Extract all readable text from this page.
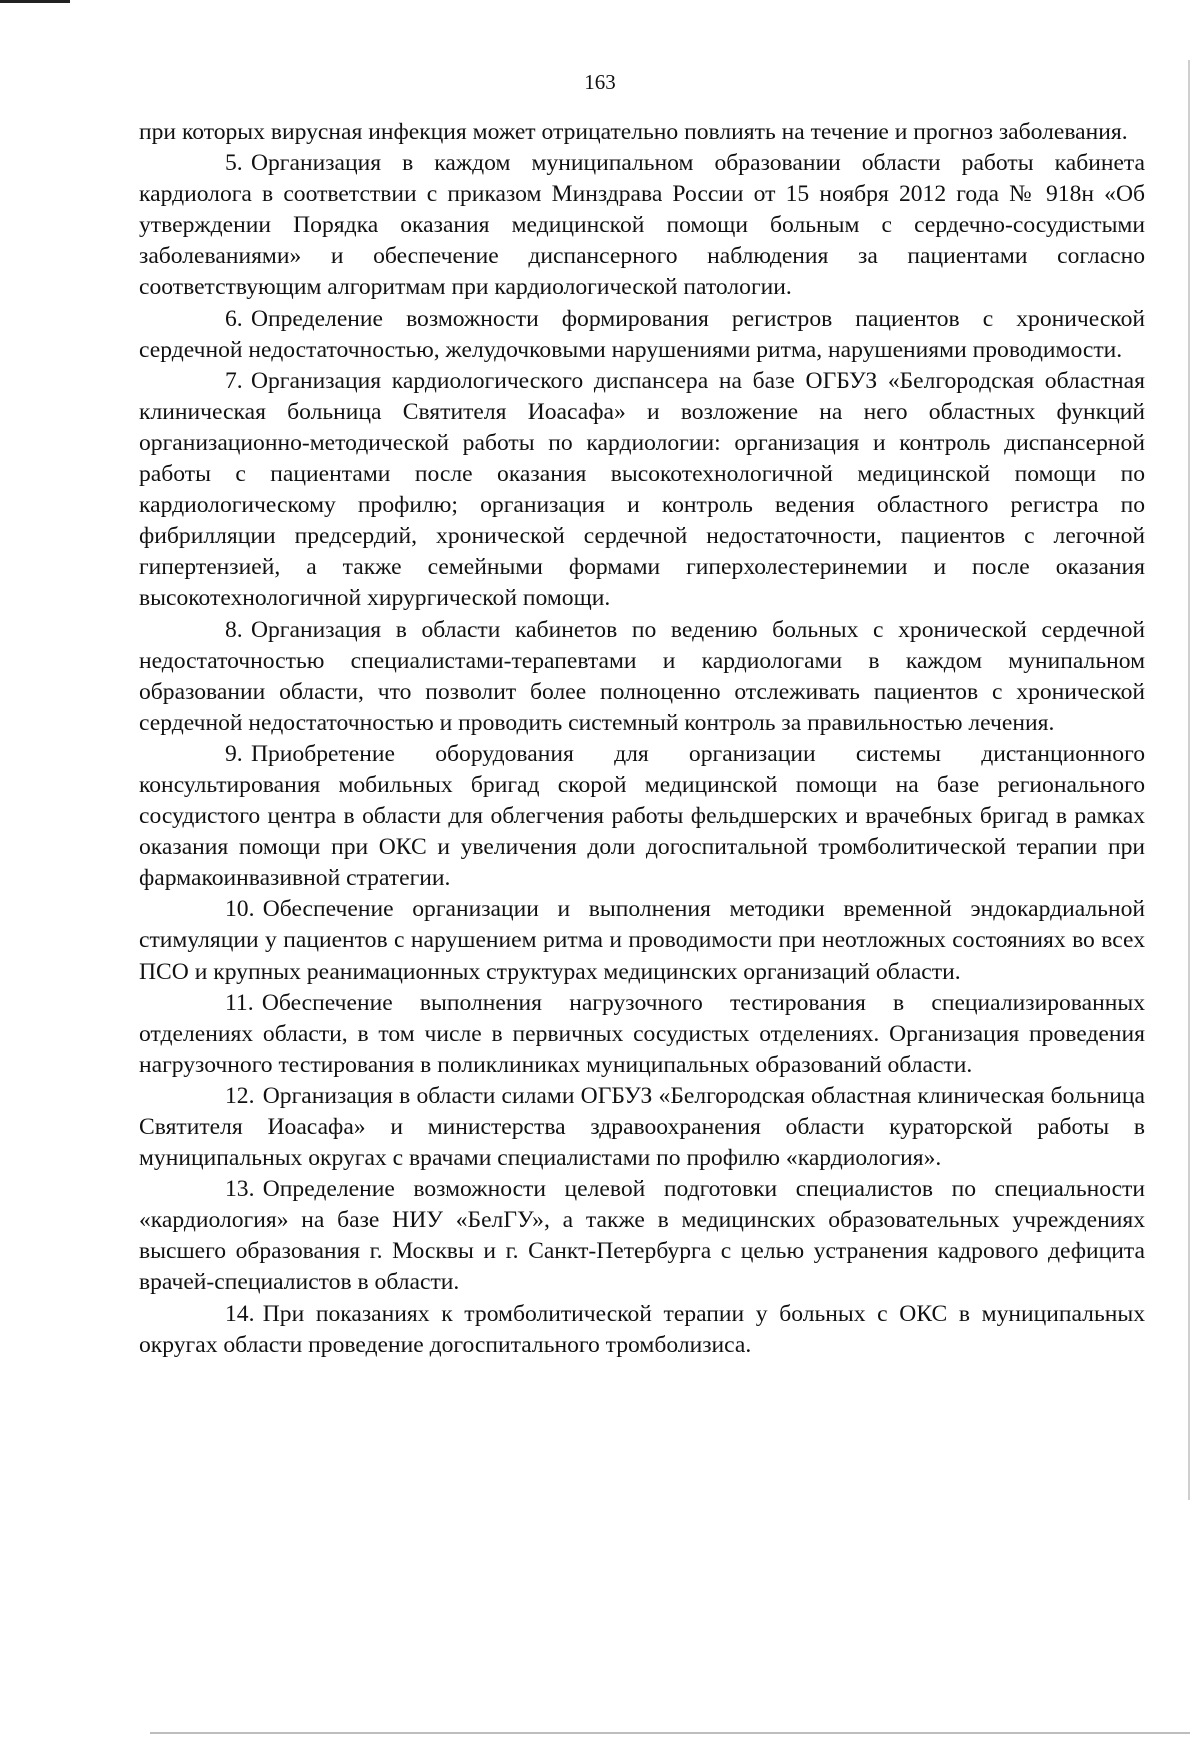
163

при которых вирусная инфекция может отрицательно повлиять на течение и прогноз заболевания.

5. Организация в каждом муниципальном образовании области работы кабинета кардиолога в соответствии с приказом Минздрава России от 15 ноября 2012 года № 918н «Об утверждении Порядка оказания медицинской помощи больным с сердечно-сосудистыми заболеваниями» и обеспечение диспансерного наблюдения за пациентами согласно соответствующим алгоритмам при кардиологической патологии.

6. Определение возможности формирования регистров пациентов с хронической сердечной недостаточностью, желудочковыми нарушениями ритма, нарушениями проводимости.

7. Организация кардиологического диспансера на базе ОГБУЗ «Белгородская областная клиническая больница Святителя Иоасафа» и возложение на него областных функций организационно-методической работы по кардиологии: организация и контроль диспансерной работы с пациентами после оказания высокотехнологичной медицинской помощи по кардиологическому профилю; организация и контроль ведения областного регистра по фибрилляции предсердий, хронической сердечной недостаточности, пациентов с легочной гипертензией, а также семейными формами гиперхолестеринемии и после оказания высокотехнологичной хирургической помощи.

8. Организация в области кабинетов по ведению больных с хронической сердечной недостаточностью специалистами-терапевтами и кардиологами в каждом мунипальном образовании области, что позволит более полноценно отслеживать пациентов с хронической сердечной недостаточностью и проводить системный контроль за правильностью лечения.

9. Приобретение оборудования для организации системы дистанционного консультирования мобильных бригад скорой медицинской помощи на базе регионального сосудистого центра в области для облегчения работы фельдшерских и врачебных бригад в рамках оказания помощи при ОКС и увеличения доли догоспитальной тромболитической терапии при фармакоинвазивной стратегии.

10. Обеспечение организации и выполнения методики временной эндокардиальной стимуляции у пациентов с нарушением ритма и проводимости при неотложных состояниях во всех ПСО и крупных реанимационных структурах медицинских организаций области.

11. Обеспечение выполнения нагрузочного тестирования в специализированных отделениях области, в том числе в первичных сосудистых отделениях. Организация проведения нагрузочного тестирования в поликлиниках муниципальных образований области.

12. Организация в области силами ОГБУЗ «Белгородская областная клиническая больница Святителя Иоасафа» и министерства здравоохранения области кураторской работы в муниципальных округах с врачами специалистами по профилю «кардиология».

13. Определение возможности целевой подготовки специалистов по специальности «кардиология» на базе НИУ «БелГУ», а также в медицинских образовательных учреждениях высшего образования г. Москвы и г. Санкт-Петербурга с целью устранения кадрового дефицита врачей-специалистов в области.

14. При показаниях к тромболитической терапии у больных с ОКС в муниципальных округах области проведение догоспитального тромболизиса.
